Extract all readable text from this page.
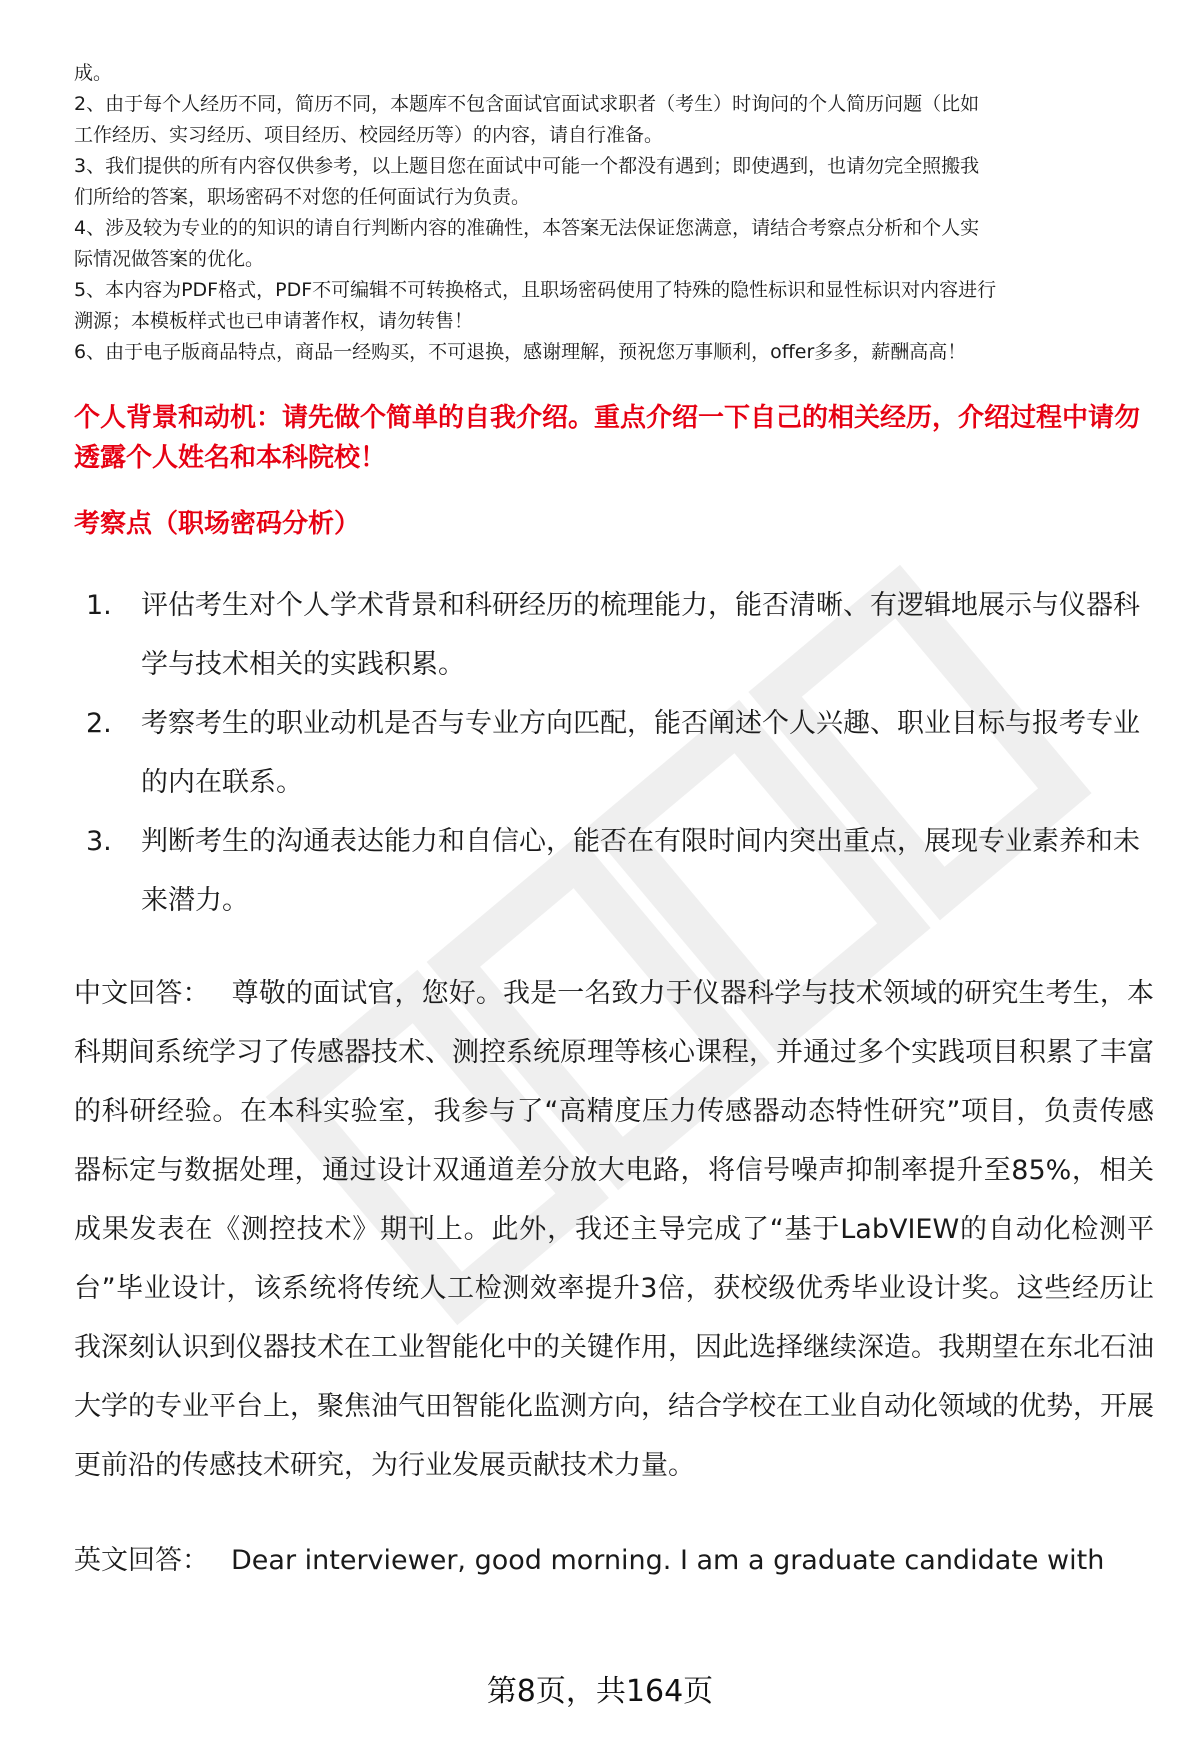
成。
2、由于每个人经历不同，简历不同，本题库不包含面试官面试求职者（考生）时询问的个人简历问题（比如
工作经历、实习经历、项目经历、校园经历等）的内容，请自行准备。
3、我们提供的所有内容仅供参考，以上题目您在面试中可能一个都没有遇到；即使遇到，也请勿完全照搬我
们所给的答案，职场密码不对您的任何面试行为负责。
4、涉及较为专业的的知识的请自行判断内容的准确性，本答案无法保证您满意，请结合考察点分析和个人实
际情况做答案的优化。
5、本内容为PDF格式，PDF不可编辑不可转换格式，且职场密码使用了特殊的隐性标识和显性标识对内容进行
溯源；本模板样式也已申请著作权，请勿转售！
6、由于电子版商品特点，商品一经购买，不可退换，感谢理解，预祝您万事顺利，offer多多，薪酬高高！
个人背景和动机：请先做个简单的自我介绍。重点介绍一下自己的相关经历，介绍过程中请勿透露个人姓名和本科院校！
考察点（职场密码分析）
1.	评估考生对个人学术背景和科研经历的梳理能力，能否清晰、有逻辑地展示与仪器科学与技术相关的实践积累。
2.	考察考生的职业动机是否与专业方向匹配，能否阐述个人兴趣、职业目标与报考专业的内在联系。
3.	判断考生的沟通表达能力和自信心，能否在有限时间内突出重点，展现专业素养和未来潜力。
中文回答： 尊敬的面试官，您好。我是一名致力于仪器科学与技术领域的研究生考生，本科期间系统学习了传感器技术、测控系统原理等核心课程，并通过多个实践项目积累了丰富的科研经验。在本科实验室，我参与了“高精度压力传感器动态特性研究”项目，负责传感器标定与数据处理，通过设计双通道差分放大电路，将信号噪声抑制率提升至85%，相关成果发表在《测控技术》期刊上。此外，我还主导完成了“基于LabVIEW的自动化检测平台”毕业设计，该系统将传统人工检测效率提升3倍，获校级优秀毕业设计奖。这些经历让我深刻认识到仪器技术在工业智能化中的关键作用，因此选择继续深造。我期望在东北石油大学的专业平台上，聚焦油气田智能化监测方向，结合学校在工业自动化领域的优势，开展更前沿的传感技术研究，为行业发展贡献技术力量。
英文回答： Dear interviewer, good morning. I am a graduate candidate with
第8页，共164页
